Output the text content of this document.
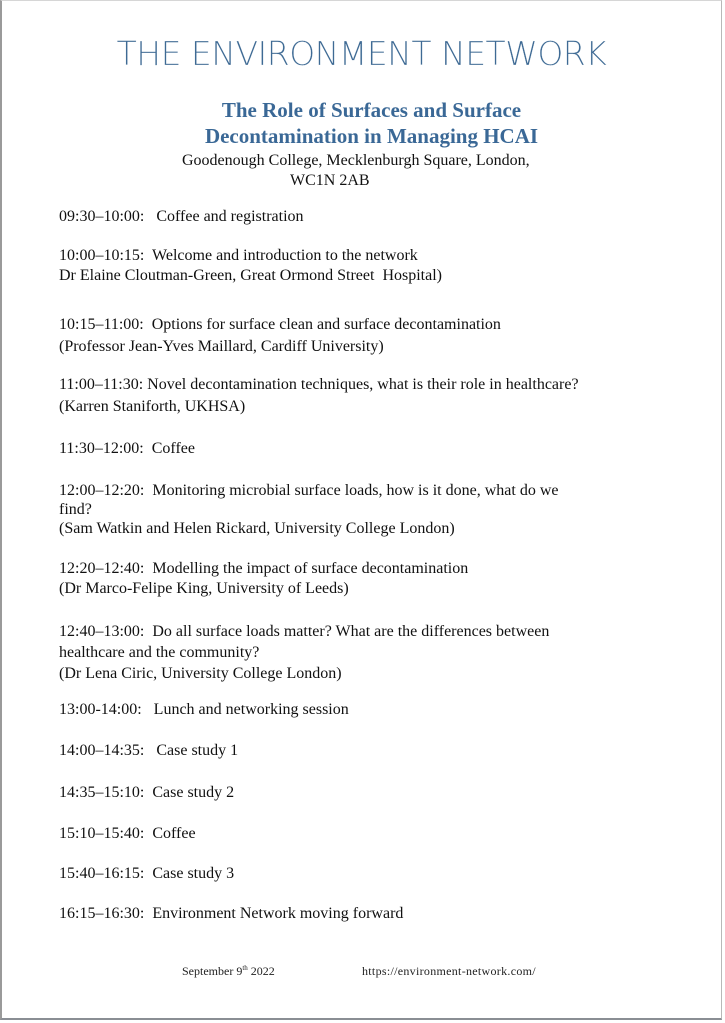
THE ENVIRONMENT NETWORK
The Role of Surfaces and Surface
Decontamination in Managing HCAI
Goodenough College, Mecklenburgh Square, London,
WC1N 2AB
09:30–10:00:   Coffee and registration
10:00–10:15:  Welcome and introduction to the network
Dr Elaine Cloutman-Green, Great Ormond Street  Hospital)
10:15–11:00:  Options for surface clean and surface decontamination
(Professor Jean-Yves Maillard, Cardiff University)
11:00–11:30: Novel decontamination techniques, what is their role in healthcare?
(Karren Staniforth, UKHSA)
11:30–12:00:  Coffee
12:00–12:20:  Monitoring microbial surface loads, how is it done, what do we
find?
(Sam Watkin and Helen Rickard, University College London)
12:20–12:40:  Modelling the impact of surface decontamination
(Dr Marco-Felipe King, University of Leeds)
12:40–13:00:  Do all surface loads matter? What are the differences between
healthcare and the community?
(Dr Lena Ciric, University College London)
13:00-14:00:   Lunch and networking session
14:00–14:35:   Case study 1
14:35–15:10:  Case study 2
15:10–15:40:  Coffee
15:40–16:15:  Case study 3
16:15–16:30:  Environment Network moving forward
September 9th 2022	https://environment-network.com/
